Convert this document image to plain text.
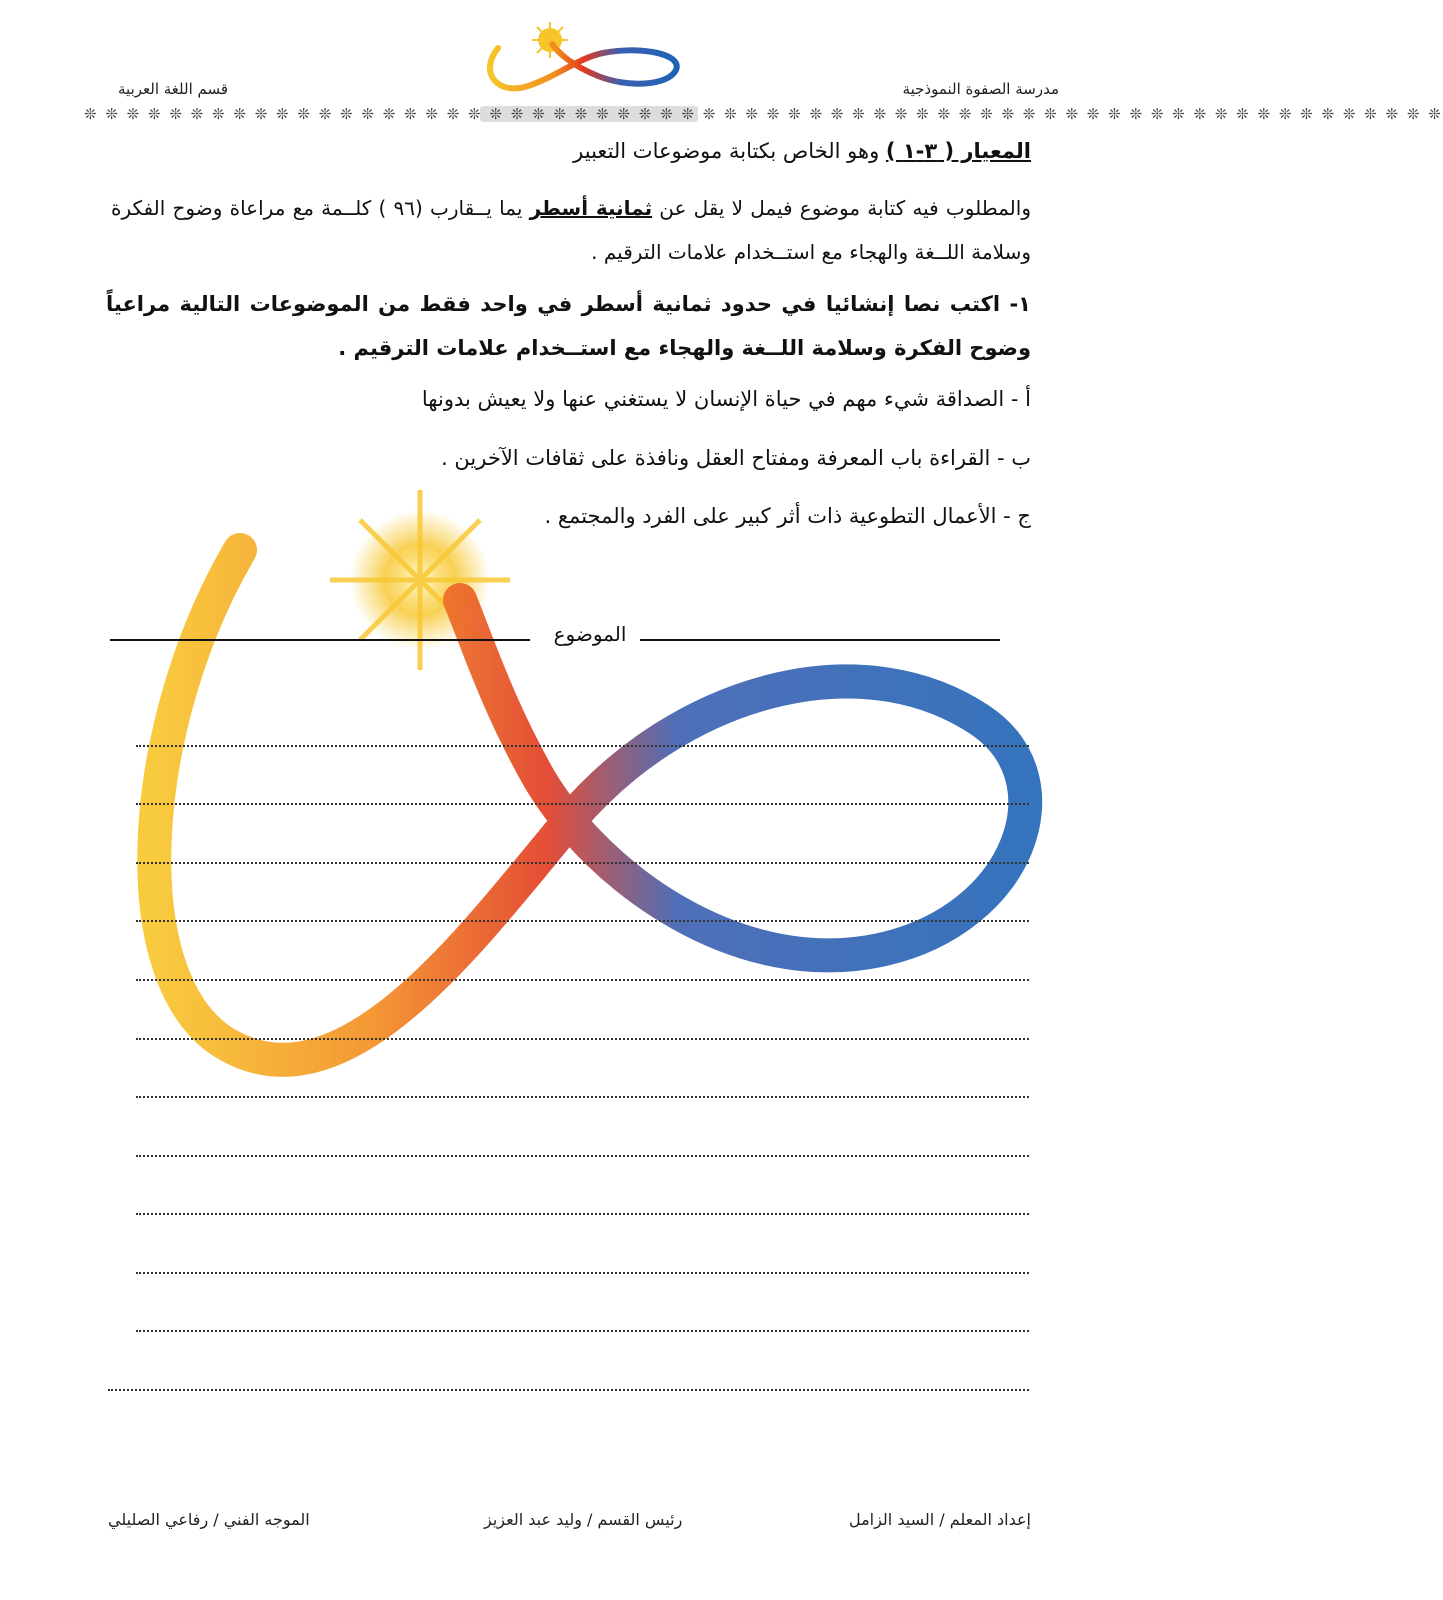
مدرسة الصفوة النموذجية
قسم اللغة العربية
❊ ❊ ❊ ❊ ❊ ❊ ❊ ❊ ❊ ❊ ❊ ❊ ❊ ❊ ❊ ❊ ❊ ❊ ❊ ❊ ❊ ❊ ❊ ❊ ❊ ❊ ❊ ❊ ❊ ❊ ❊ ❊ ❊ ❊ ❊ ❊ ❊ ❊ ❊ ❊ ❊ ❊ ❊ ❊ ❊ ❊ ❊ ❊ ❊ ❊ ❊ ❊ ❊ ❊ ❊ ❊ ❊ ❊ ❊ ❊ ❊ ❊ ❊ ❊
المعيار ( ٣-١ ) وهو الخاص بكتابة موضوعات التعبير
والمطلوب فيه كتابة موضوع فيمل لا يقل عن ثمانية أسطر يما يــقارب (٩٦ ) كلــمة مع مراعاة وضوح الفكرة وسلامة اللــغة والهجاء مع استــخدام علامات الترقيم .
١- اكتب نصا إنشائيا في حدود ثمانية أسطر في واحد فقط من الموضوعات التالية مراعياً وضوح الفكرة وسلامة اللــغة والهجاء مع استــخدام علامات الترقيم .
أ - الصداقة شيء مهم في حياة الإنسان لا يستغني عنها ولا يعيش بدونها
ب - القراءة باب المعرفة ومفتاح العقل ونافذة على ثقافات الآخرين .
ج - الأعمال التطوعية ذات أثر كبير على الفرد والمجتمع .
الموضوع
إعداد المعلم / السيد الزامل
رئيس القسم / وليد عبد العزيز
الموجه الفني / رفاعي الصليلي
